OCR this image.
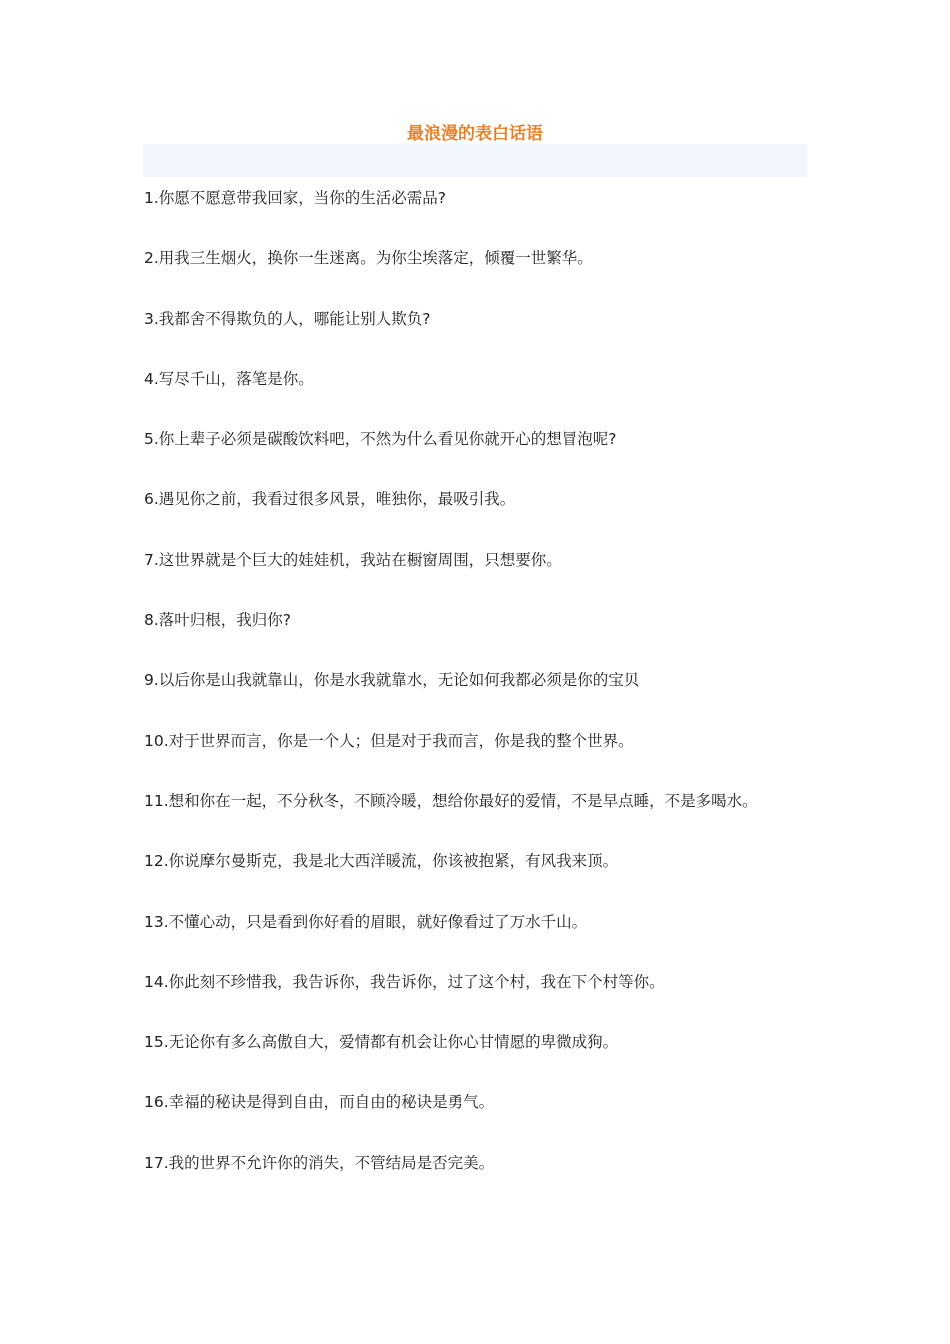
最浪漫的表白话语
1.你愿不愿意带我回家，当你的生活必需品?
2.用我三生烟火，换你一生迷离。为你尘埃落定，倾覆一世繁华。
3.我都舍不得欺负的人，哪能让别人欺负?
4.写尽千山，落笔是你。
5.你上辈子必须是碳酸饮料吧，不然为什么看见你就开心的想冒泡呢?
6.遇见你之前，我看过很多风景，唯独你，最吸引我。
7.这世界就是个巨大的娃娃机，我站在橱窗周围，只想要你。
8.落叶归根，我归你?
9.以后你是山我就靠山，你是水我就靠水，无论如何我都必须是你的宝贝
10.对于世界而言，你是一个人；但是对于我而言，你是我的整个世界。
11.想和你在一起，不分秋冬，不顾冷暖，想给你最好的爱情，不是早点睡，不是多喝水。
12.你说摩尔曼斯克，我是北大西洋暖流，你该被抱紧，有风我来顶。
13.不懂心动，只是看到你好看的眉眼，就好像看过了万水千山。
14.你此刻不珍惜我，我告诉你，我告诉你，过了这个村，我在下个村等你。
15.无论你有多么高傲自大，爱情都有机会让你心甘情愿的卑微成狗。
16.幸福的秘诀是得到自由，而自由的秘诀是勇气。
17.我的世界不允许你的消失，不管结局是否完美。
